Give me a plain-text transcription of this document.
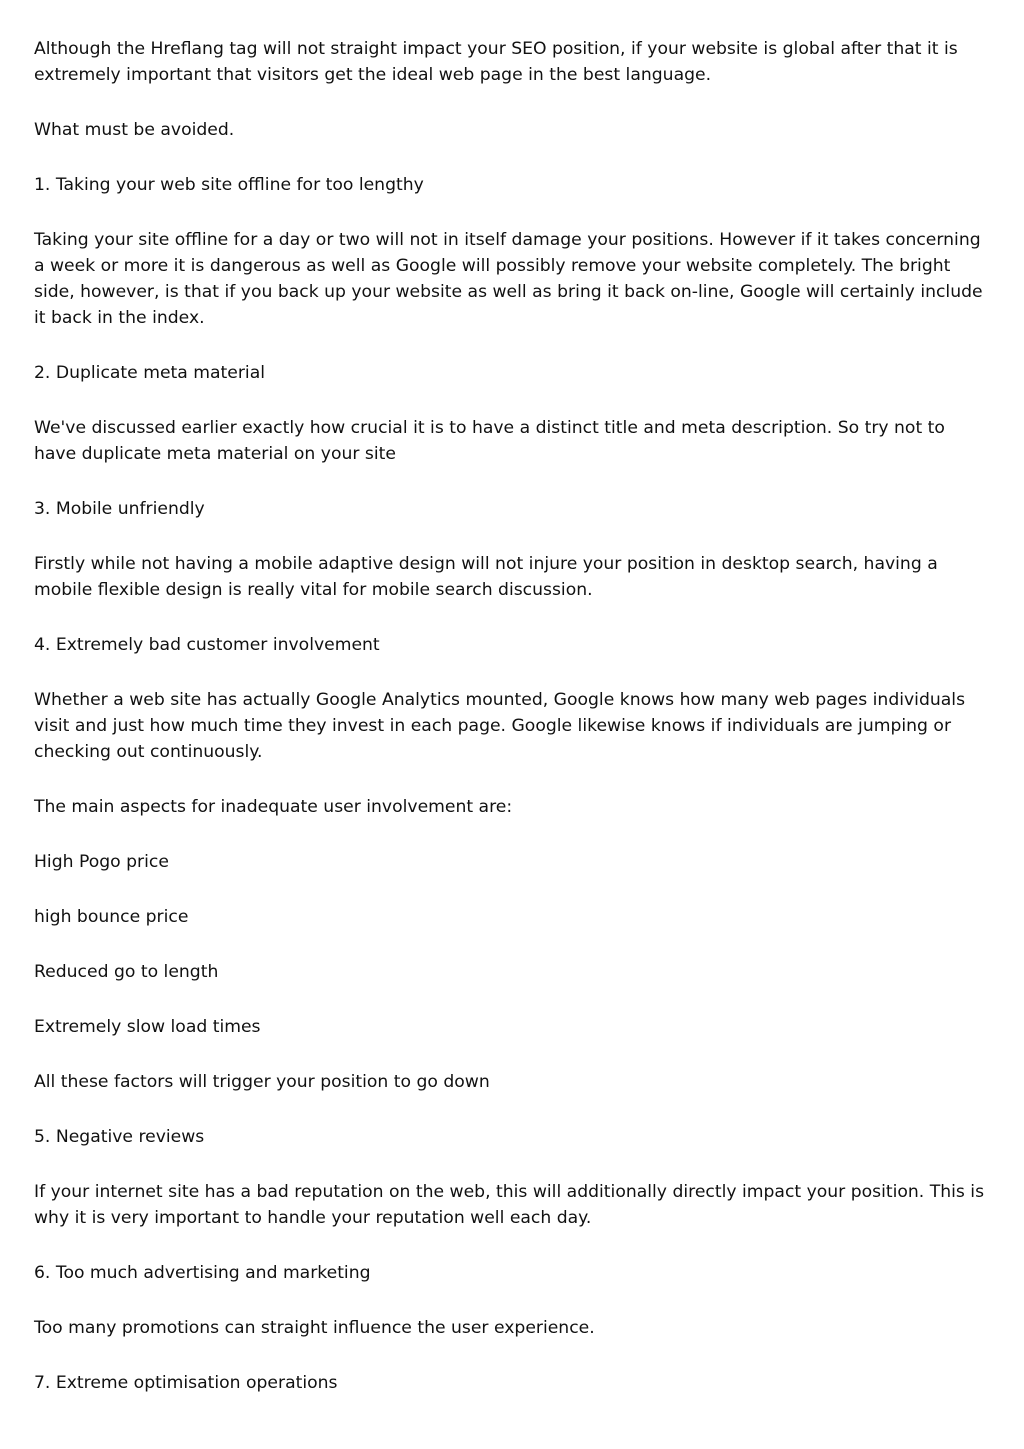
Although the Hreflang tag will not straight impact your SEO position, if your website is global after that it is extremely important that visitors get the ideal web page in the best language.

What must be avoided.

1. Taking your web site offline for too lengthy

Taking your site offline for a day or two will not in itself damage your positions. However if it takes concerning a week or more it is dangerous as well as Google will possibly remove your website completely. The bright side, however, is that if you back up your website as well as bring it back on-line, Google will certainly include it back in the index.

2. Duplicate meta material

We've discussed earlier exactly how crucial it is to have a distinct title and meta description. So try not to have duplicate meta material on your site

3. Mobile unfriendly

Firstly while not having a mobile adaptive design will not injure your position in desktop search, having a mobile flexible design is really vital for mobile search discussion.

4. Extremely bad customer involvement

Whether a web site has actually Google Analytics mounted, Google knows how many web pages individuals visit and just how much time they invest in each page. Google likewise knows if individuals are jumping or checking out continuously.

The main aspects for inadequate user involvement are:

High Pogo price

high bounce price

Reduced go to length

Extremely slow load times

All these factors will trigger your position to go down

5. Negative reviews

If your internet site has a bad reputation on the web, this will additionally directly impact your position. This is why it is very important to handle your reputation well each day.

6. Too much advertising and marketing

Too many promotions can straight influence the user experience.

7. Extreme optimisation operations
